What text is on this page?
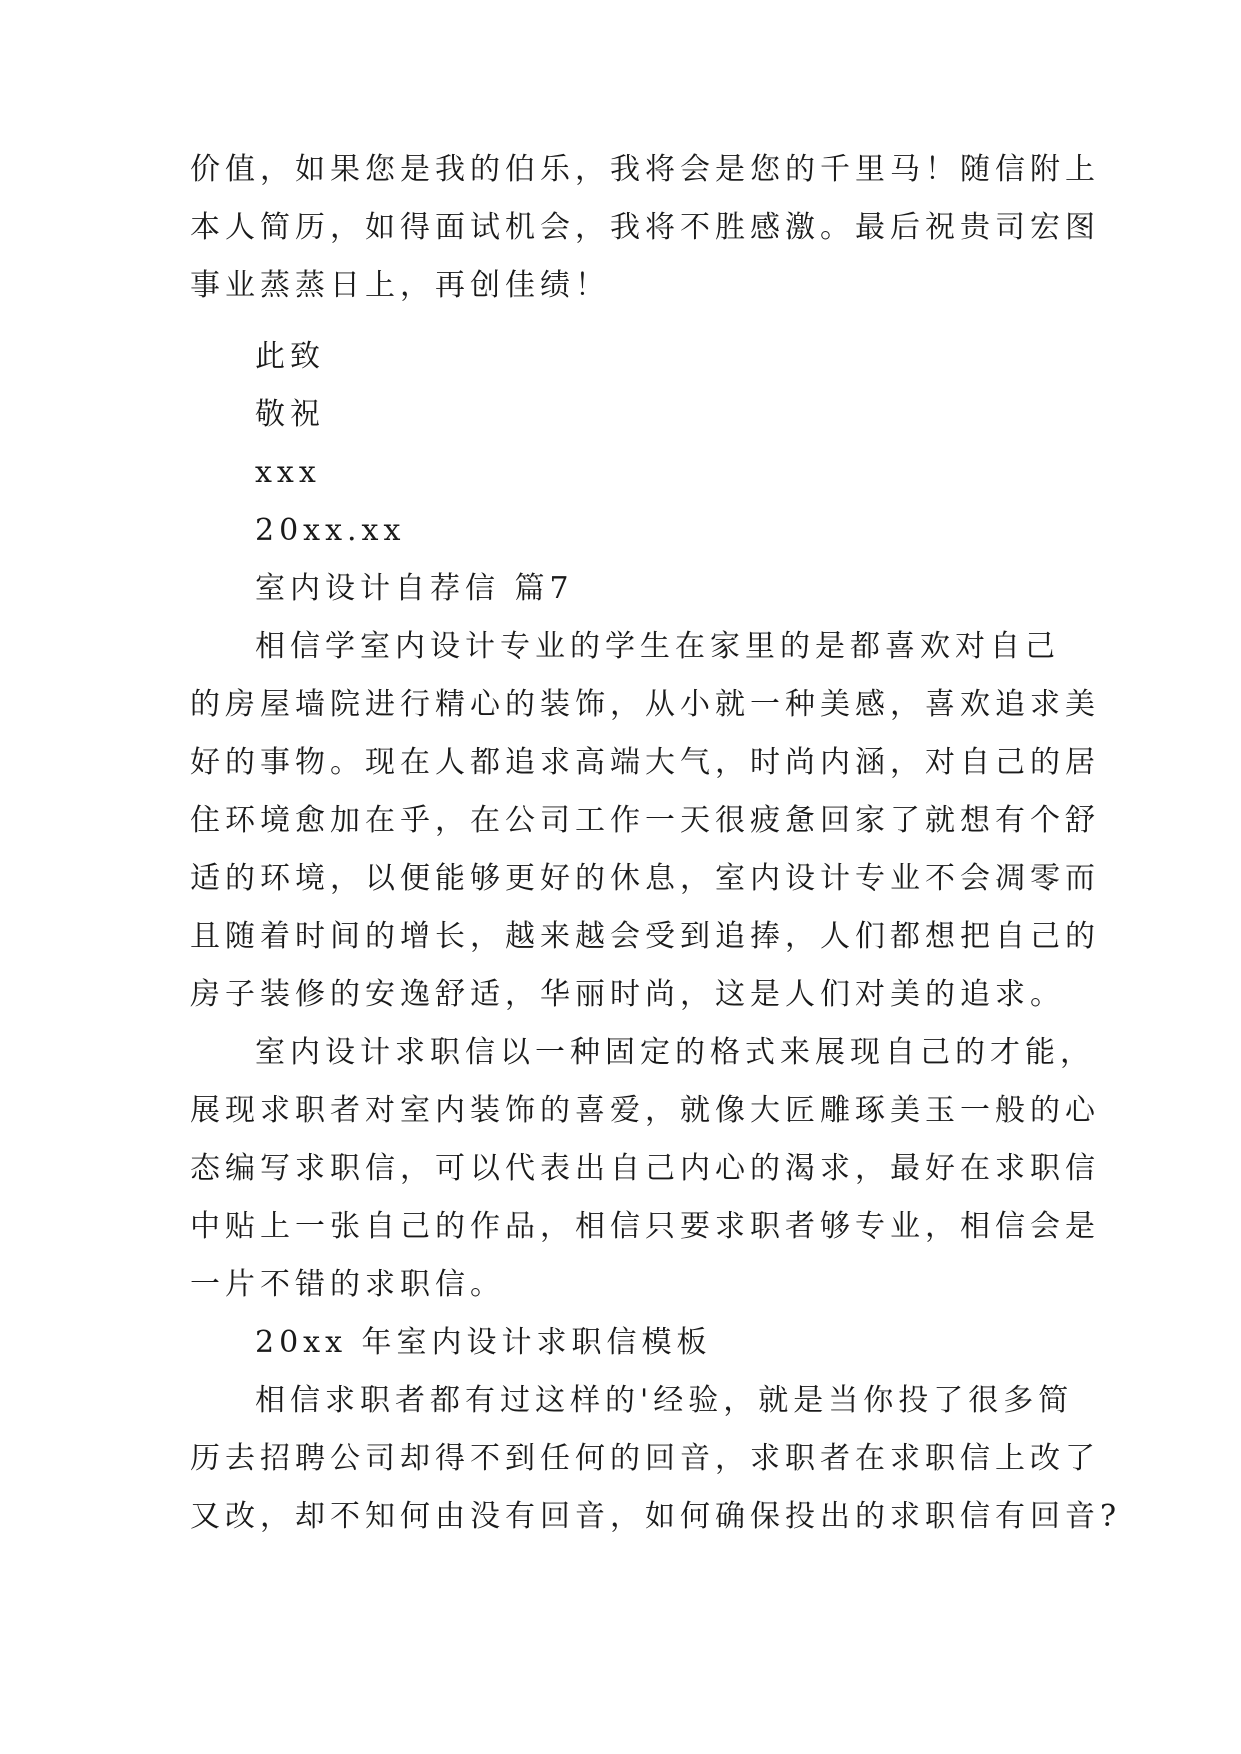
价值，如果您是我的伯乐，我将会是您的千里马！随信附上
本人简历，如得面试机会，我将不胜感激。最后祝贵司宏图
事业蒸蒸日上，再创佳绩！
此致
敬祝
xxx
20xx.xx
室内设计自荐信 篇7
相信学室内设计专业的学生在家里的是都喜欢对自己
的房屋墙院进行精心的装饰，从小就一种美感，喜欢追求美
好的事物。现在人都追求高端大气，时尚内涵，对自己的居
住环境愈加在乎，在公司工作一天很疲惫回家了就想有个舒
适的环境，以便能够更好的休息，室内设计专业不会凋零而
且随着时间的增长，越来越会受到追捧，人们都想把自己的
房子装修的安逸舒适，华丽时尚，这是人们对美的追求。
室内设计求职信以一种固定的格式来展现自己的才能，
展现求职者对室内装饰的喜爱，就像大匠雕琢美玉一般的心
态编写求职信，可以代表出自己内心的渴求，最好在求职信
中贴上一张自己的作品，相信只要求职者够专业，相信会是
一片不错的求职信。
20xx 年室内设计求职信模板
相信求职者都有过这样的'经验，就是当你投了很多简
历去招聘公司却得不到任何的回音，求职者在求职信上改了
又改，却不知何由没有回音，如何确保投出的求职信有回音?
